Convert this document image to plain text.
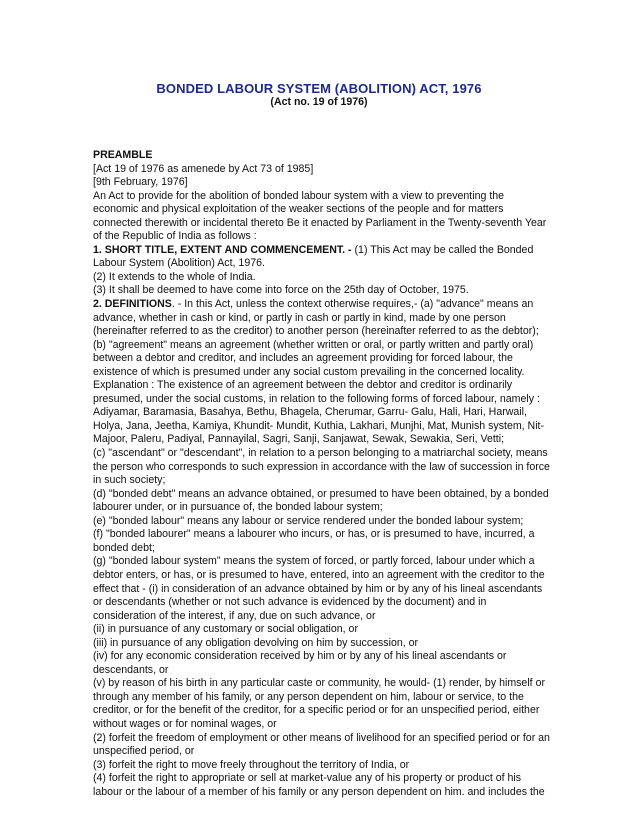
BONDED LABOUR SYSTEM (ABOLITION) ACT, 1976
(Act no. 19 of 1976)

PREAMBLE
[Act 19 of 1976 as amenede by Act 73 of 1985]
[9th February, 1976]
An Act to provide for the abolition of bonded labour system with a view to preventing the
economic and physical exploitation of the weaker sections of the people and for matters
connected therewith or incidental thereto Be it enacted by Parliament in the Twenty-seventh Year
of the Republic of India as follows :

1. SHORT TITLE, EXTENT AND COMMENCEMENT. - (1) This Act may be called the Bonded
Labour System (Abolition) Act, 1976.
(2) It extends to the whole of India.
(3) It shall be deemed to have come into force on the 25th day of October, 1975.

2. DEFINITIONS. - In this Act, unless the context otherwise requires,- (a) "advance" means an
advance, whether in cash or kind, or partly in cash or partly in kind, made by one person
(hereinafter referred to as the creditor) to another person (hereinafter referred to as the debtor);
(b) "agreement" means an agreement (whether written or oral, or partly written and partly oral)
between a debtor and creditor, and includes an agreement providing for forced labour, the
existence of which is presumed under any social custom prevailing in the concerned locality.
Explanation : The existence of an agreement between the debtor and creditor is ordinarily
presumed, under the social customs, in relation to the following forms of forced labour, namely :
Adiyamar, Baramasia, Basahya, Bethu, Bhagela, Cherumar, Garru- Galu, Hali, Hari, Harwail,
Holya, Jana, Jeetha, Kamiya, Khundit- Mundit, Kuthia, Lakhari, Munjhi, Mat, Munish system, Nit-
Majoor, Paleru, Padiyal, Pannayilal, Sagri, Sanji, Sanjawat, Sewak, Sewakia, Seri, Vetti;
(c) "ascendant" or "descendant", in relation to a person belonging to a matriarchal society, means
the person who corresponds to such expression in accordance with the law of succession in force
in such society;
(d) "bonded debt" means an advance obtained, or presumed to have been obtained, by a bonded
labourer under, or in pursuance of, the bonded labour system;
(e) "bonded labour" means any labour or service rendered under the bonded labour system;
(f) "bonded labourer" means a labourer who incurs, or has, or is presumed to have, incurred, a
bonded debt;
(g) "bonded labour system" means the system of forced, or partly forced, labour under which a
debtor enters, or has, or is presumed to have, entered, into an agreement with the creditor to the
effect that - (i) in consideration of an advance obtained by him or by any of his lineal ascendants
or descendants (whether or not such advance is evidenced by the document) and in
consideration of the interest, if any, due on such advance, or
(ii) in pursuance of any customary or social obligation, or
(iii) in pursuance of any obligation devolving on him by succession, or
(iv) for any economic consideration received by him or by any of his lineal ascendants or
descendants, or
(v) by reason of his birth in any particular caste or community, he would- (1) render, by himself or
through any member of his family, or any person dependent on him, labour or service, to the
creditor, or for the benefit of the creditor, for a specific period or for an unspecified period, either
without wages or for nominal wages, or
(2) forfeit the freedom of employment or other means of livelihood for an specified period or for an
unspecified period, or
(3) forfeit the right to move freely throughout the territory of India, or
(4) forfeit the right to appropriate or sell at market-value any of his property or product of his
labour or the labour of a member of his family or any person dependent on him. and includes the
